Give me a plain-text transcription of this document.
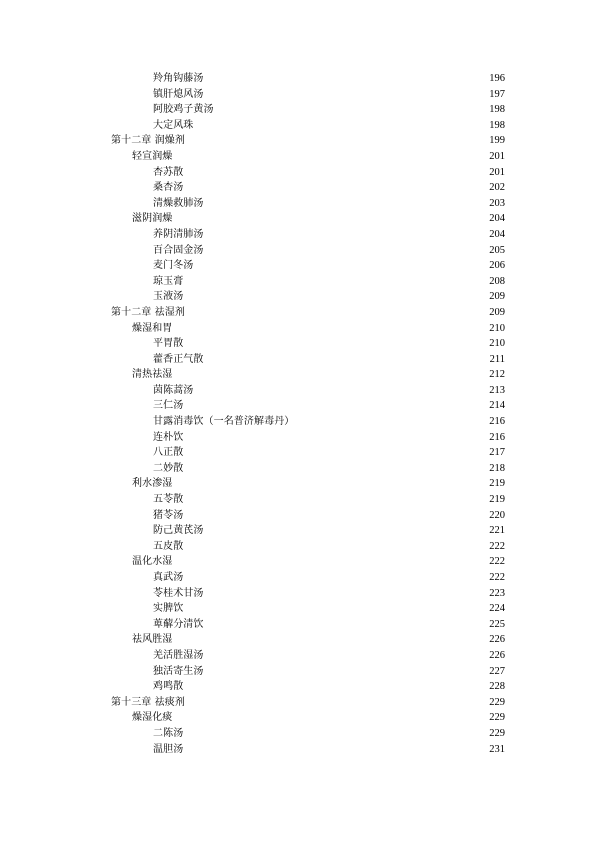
羚角钩藤汤	196
镇肝熄风汤	197
阿胶鸡子黄汤	198
大定风珠	198
第十二章 润燥剂	199
轻宣润燥	201
杏苏散	201
桑杏汤	202
清燥救肺汤	203
滋阴润燥	204
养阴清肺汤	204
百合固金汤	205
麦门冬汤	206
琼玉膏	208
玉液汤	209
第十二章 祛湿剂	209
燥湿和胃	210
平胃散	210
藿香正气散	211
清热祛湿	212
茵陈蒿汤	213
三仁汤	214
甘露消毒饮（一名普济解毒丹）	216
连朴饮	216
八正散	217
二妙散	218
利水渗湿	219
五苓散	219
猪苓汤	220
防己黄芪汤	221
五皮散	222
温化水湿	222
真武汤	222
苓桂术甘汤	223
实脾饮	224
萆薢分清饮	225
祛风胜湿	226
羌活胜湿汤	226
独活寄生汤	227
鸡鸣散	228
第十三章 祛痰剂	229
燥湿化痰	229
二陈汤	229
温胆汤	231
